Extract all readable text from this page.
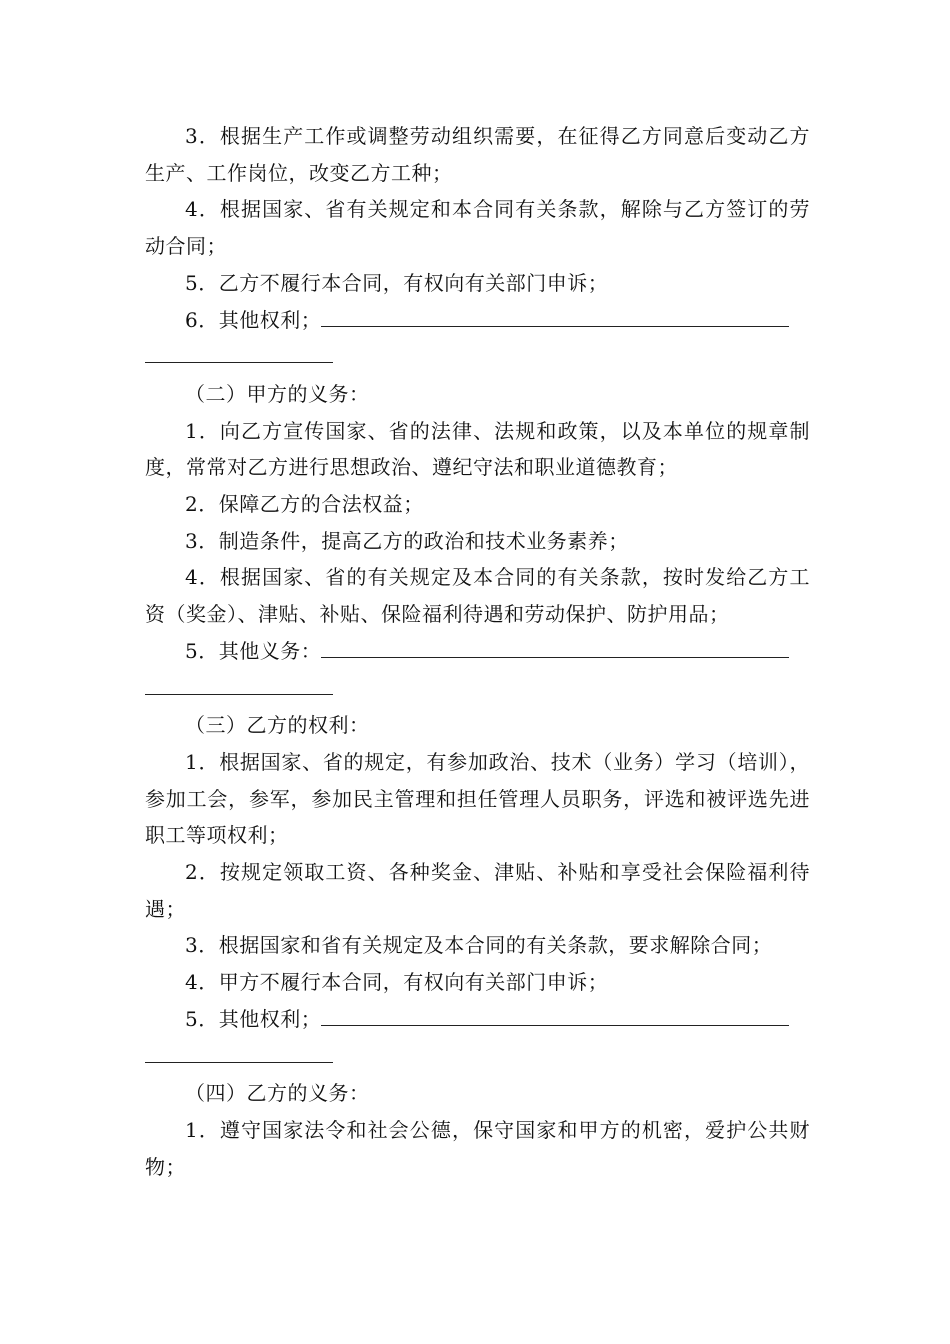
3．根据生产工作或调整劳动组织需要，在征得乙方同意后变动乙方生产、工作岗位，改变乙方工种；

4．根据国家、省有关规定和本合同有关条款，解除与乙方签订的劳动合同；

5．乙方不履行本合同，有权向有关部门申诉；

6．其他权利；

（二）甲方的义务：

1．向乙方宣传国家、省的法律、法规和政策，以及本单位的规章制度，常常对乙方进行思想政治、遵纪守法和职业道德教育；

2．保障乙方的合法权益；

3．制造条件，提高乙方的政治和技术业务素养；

4．根据国家、省的有关规定及本合同的有关条款，按时发给乙方工资（奖金）、津贴、补贴、保险福利待遇和劳动保护、防护用品；

5．其他义务：

（三）乙方的权利：

1．根据国家、省的规定，有参加政治、技术（业务）学习（培训），参加工会，参军，参加民主管理和担任管理人员职务，评选和被评选先进职工等项权利；

2．按规定领取工资、各种奖金、津贴、补贴和享受社会保险福利待遇；

3．根据国家和省有关规定及本合同的有关条款，要求解除合同；

4．甲方不履行本合同，有权向有关部门申诉；

5．其他权利；

（四）乙方的义务：

1．遵守国家法令和社会公德，保守国家和甲方的机密，爱护公共财物；
